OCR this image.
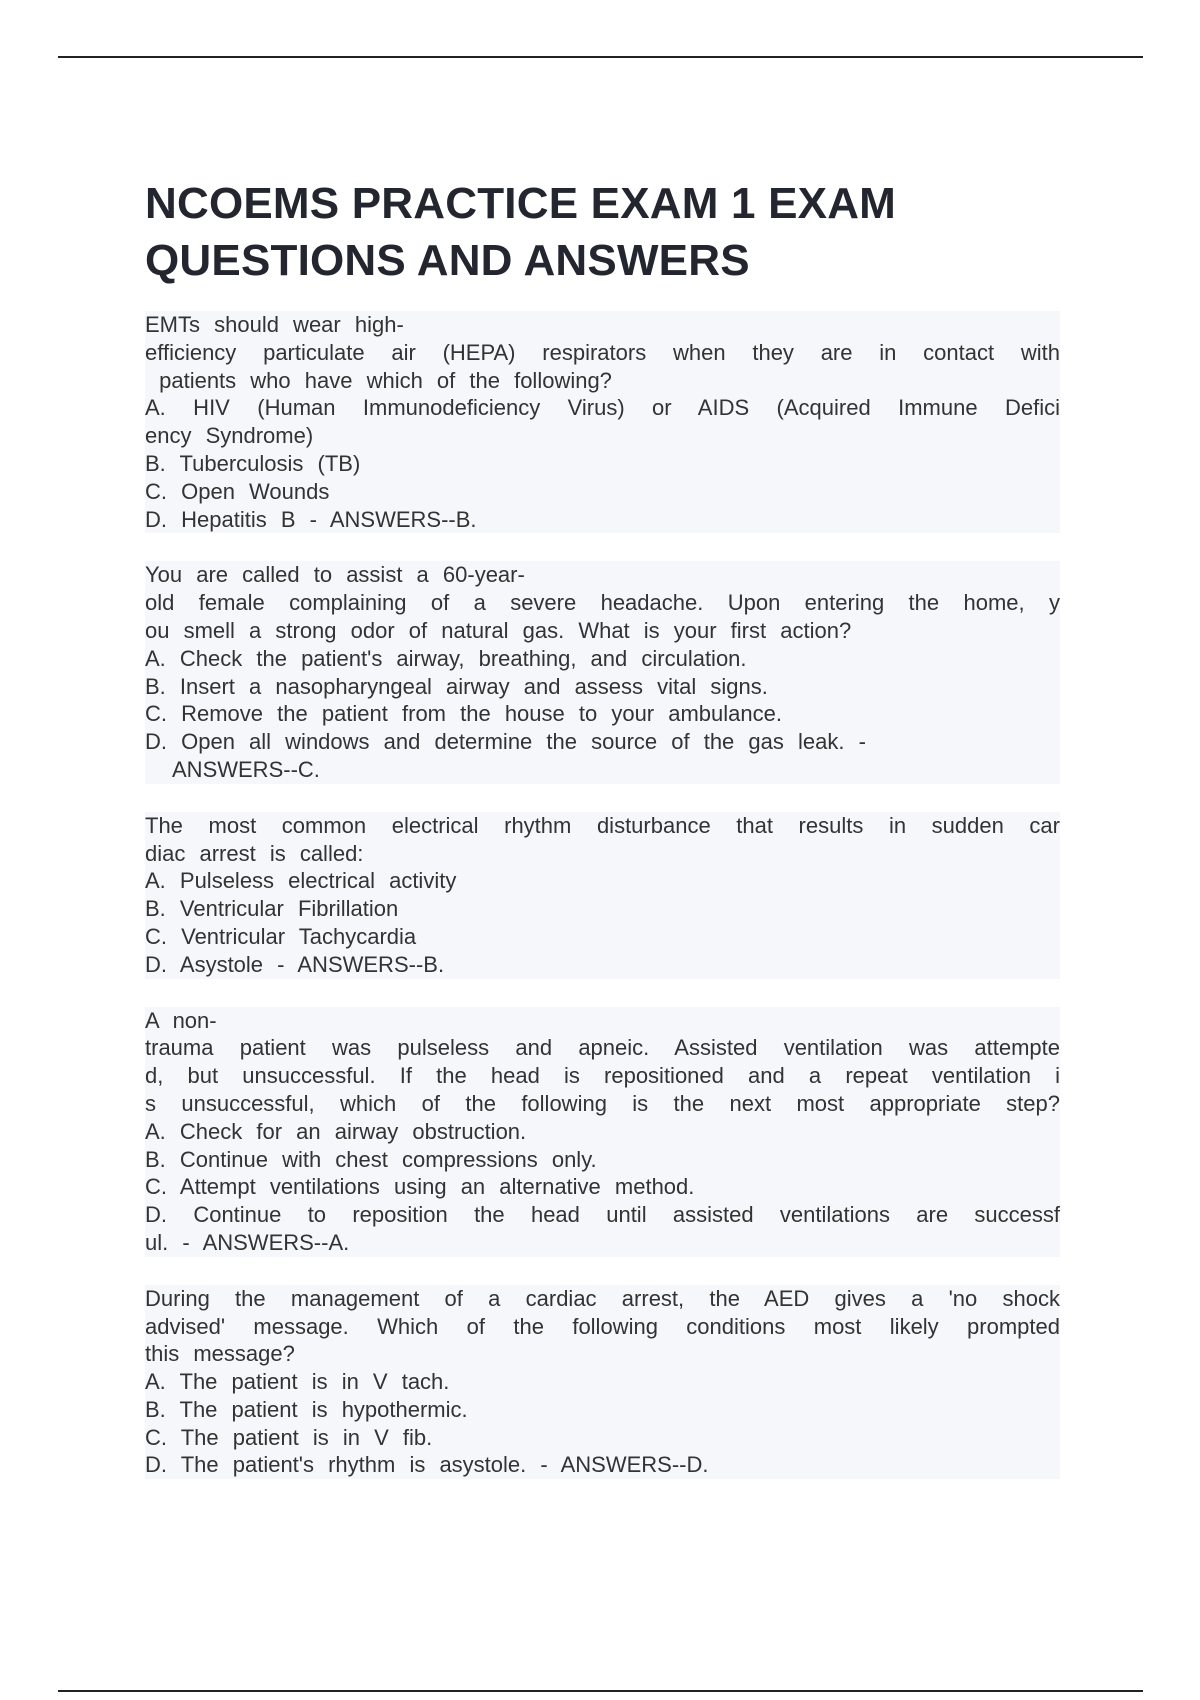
NCOEMS PRACTICE EXAM 1 EXAM
QUESTIONS AND ANSWERS
EMTs should wear high-
efficiency particulate air (HEPA) respirators when they are in contact with
patients who have which of the following?
A. HIV (Human Immunodeficiency Virus) or AIDS (Acquired Immune Defici
ency Syndrome)
B. Tuberculosis (TB)
C. Open Wounds
D. Hepatitis B - ANSWERS--B.
You are called to assist a 60-year-
old female complaining of a severe headache. Upon entering the home, y
ou smell a strong odor of natural gas. What is your first action?
A. Check the patient's airway, breathing, and circulation.
B. Insert a nasopharyngeal airway and assess vital signs.
C. Remove the patient from the house to your ambulance.
D. Open all windows and determine the source of the gas leak. -
ANSWERS--C.
The most common electrical rhythm disturbance that results in sudden car
diac arrest is called:
A. Pulseless electrical activity
B. Ventricular Fibrillation
C. Ventricular Tachycardia
D. Asystole - ANSWERS--B.
A non-
trauma patient was pulseless and apneic. Assisted ventilation was attempte
d, but unsuccessful. If the head is repositioned and a repeat ventilation i
s unsuccessful, which of the following is the next most appropriate step?
A. Check for an airway obstruction.
B. Continue with chest compressions only.
C. Attempt ventilations using an alternative method.
D. Continue to reposition the head until assisted ventilations are successf
ul. - ANSWERS--A.
During the management of a cardiac arrest, the AED gives a 'no shock
advised' message. Which of the following conditions most likely prompted
this message?
A. The patient is in V tach.
B. The patient is hypothermic.
C. The patient is in V fib.
D. The patient's rhythm is asystole. - ANSWERS--D.
